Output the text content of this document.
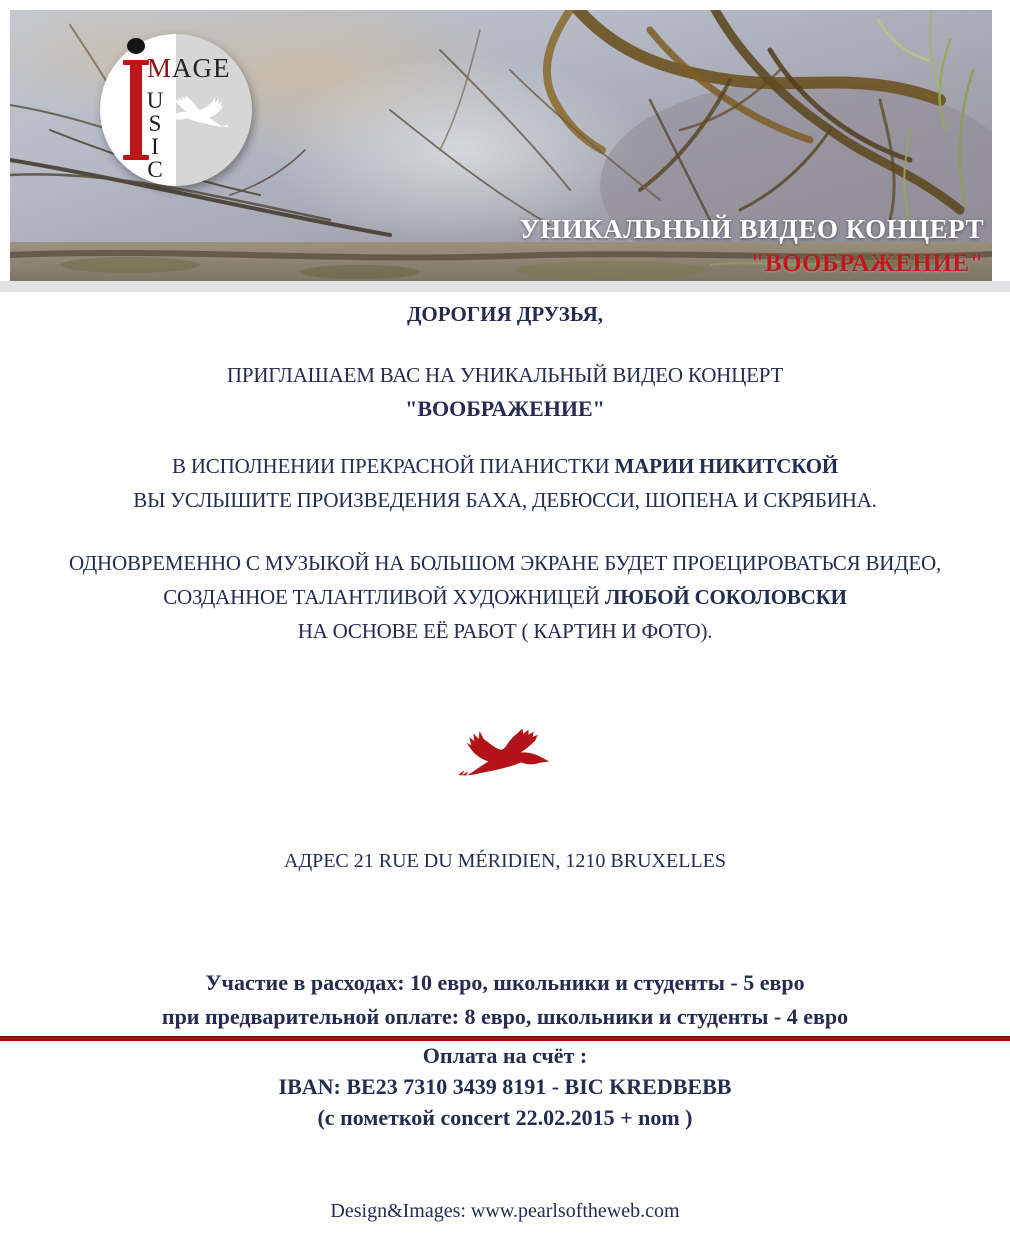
MAGE
U
S
I
C
УНИКАЛЬНЫЙ ВИДЕО КОНЦЕРТ
"ВООБРАЖЕНИЕ"
ДОРОГИЯ ДРУЗЬЯ,
ПРИГЛАШАЕМ ВАС НА УНИКАЛЬНЫЙ ВИДЕО КОНЦЕРТ
"ВООБРАЖЕНИЕ"
В ИСПОЛНЕНИИ ПРЕКРАСНОЙ ПИАНИСТКИ МАРИИ НИКИТСКОЙ
ВЫ УСЛЫШИТЕ ПРОИЗВЕДЕНИЯ БАХА, ДЕБЮССИ, ШОПЕНА И СКРЯБИНА.
ОДНОВРЕМЕННО С МУЗЫКОЙ НА БОЛЬШОМ ЭКРАНЕ БУДЕТ ПРОЕЦИРОВАТЬСЯ ВИДЕО,
СОЗДАННОЕ ТАЛАНТЛИВОЙ ХУДОЖНИЦЕЙ ЛЮБОЙ СОКОЛОВСКИ
НА ОСНОВЕ ЕЁ РАБОТ ( КАРТИН И ФОТО).
АДРЕС 21 RUE DU MÉRIDIEN, 1210 BRUXELLES
Участие в расходах: 10 евро, школьники и студенты - 5 евро
при предварительной оплате: 8 евро, школьники и студенты - 4 евро
Оплата на счёт :
IBAN: BE23 7310 3439 8191 - BIC KREDBEBB
(с пометкой concert 22.02.2015 + nom )
Design&Images: www.pearlsoftheweb.com
